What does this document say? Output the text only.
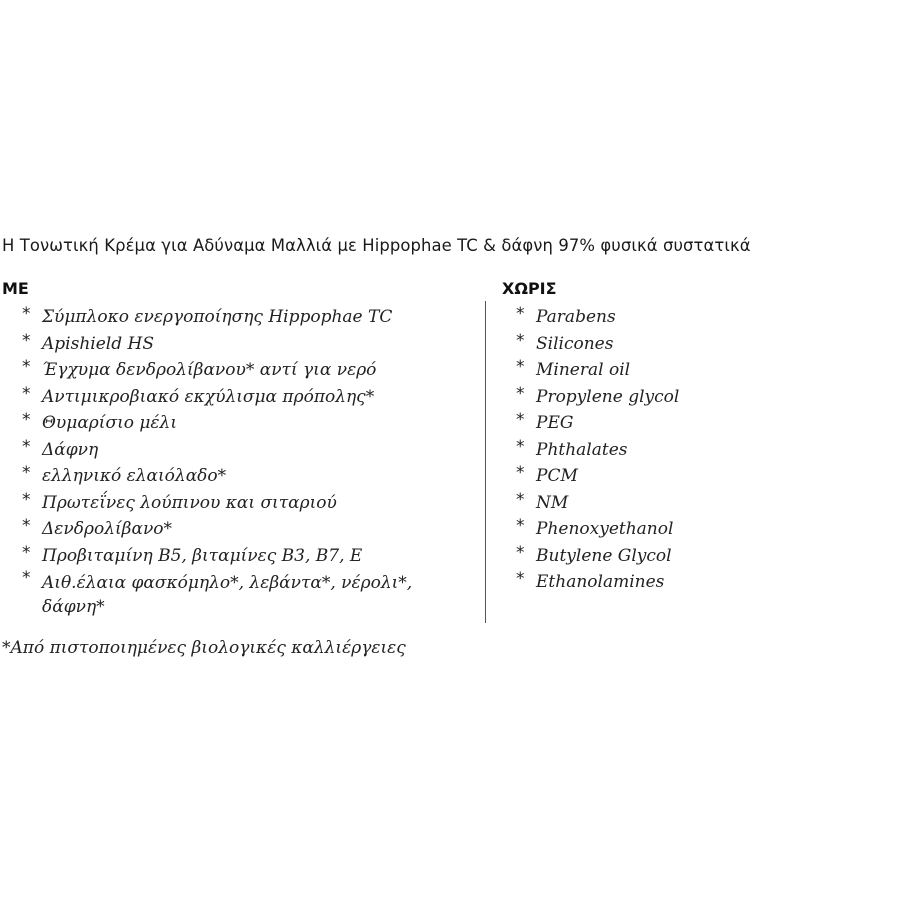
Η Τονωτική Κρέμα για Αδύναμα Μαλλιά με Hippophae TC & δάφνη 97% φυσικά συστατικά
ΜΕ	ΧΩΡΙΣ
* Σύμπλοκο ενεργοποίησης Hippophae TC
* Apishield HS
* Έγχυμα δενδρολίβανου* αντί για νερό
* Αντιμικροβιακό εκχύλισμα πρόπολης*
* Θυμαρίσιο μέλι
* Δάφνη
* ελληνικό ελαιόλαδο*
* Πρωτεΐνες λούπινου και σιταριού
* Δενδρολίβανο*
* Προβιταμίνη B5, βιταμίνες B3, B7, E
* Αιθ.έλαια φασκόμηλο*, λεβάντα*, νέρολι*, δάφνη*
* Parabens
* Silicones
* Mineral oil
* Propylene glycol
* PEG
* Phthalates
* PCM
* NM
* Phenoxyethanol
* Butylene Glycol
* Ethanolamines
*Από πιστοποιημένες βιολογικές καλλιέργειες
